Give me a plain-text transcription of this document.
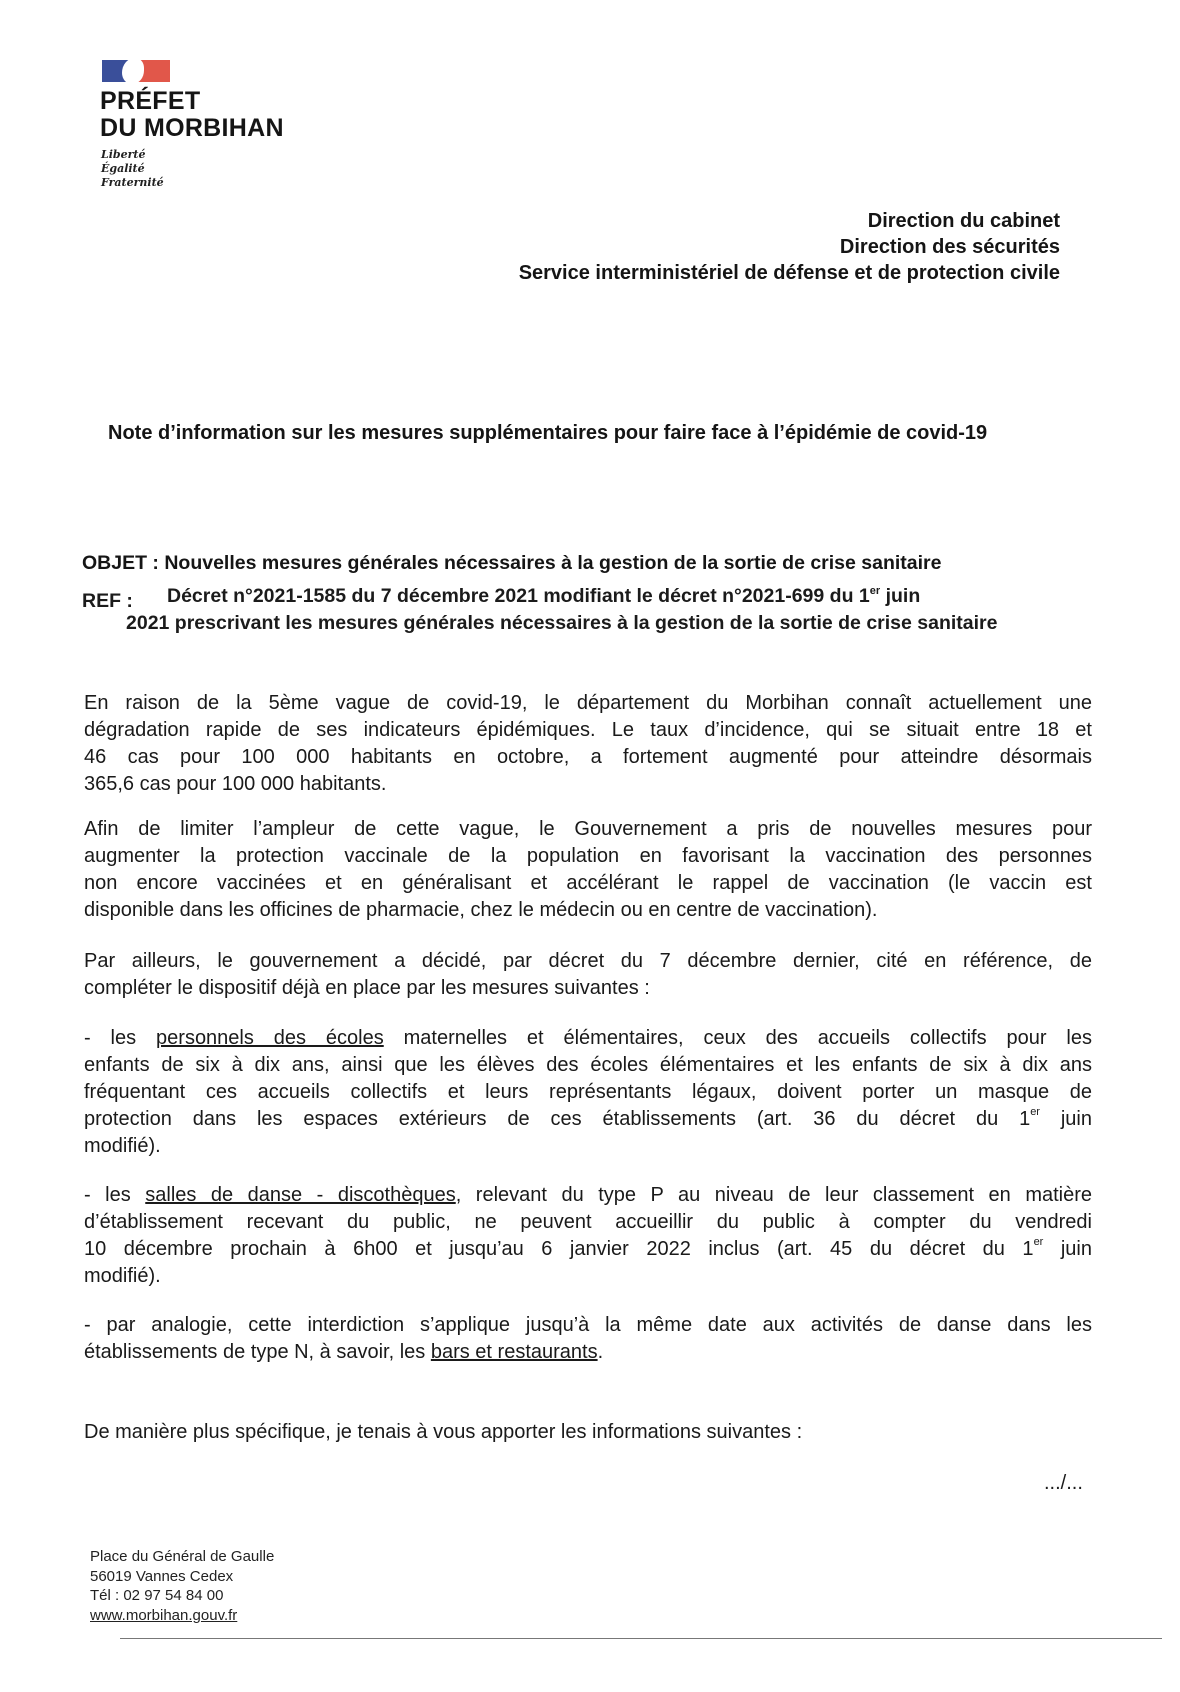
PRÉFET
DU MORBIHAN
Liberté
Égalité
Fraternité
Direction du cabinet
Direction des sécurités
Service interministériel de défense et de protection civile
Note d’information sur les mesures supplémentaires pour faire face à l’épidémie de covid-19
OBJET : Nouvelles mesures générales nécessaires à la gestion de la sortie de crise sanitaire
REF : Décret n°2021-1585 du 7 décembre 2021 modifiant le décret n°2021-699 du 1er juin
2021 prescrivant les mesures générales nécessaires à la gestion de la sortie de crise sanitaire
En raison de la 5ème vague de covid-19, le département du Morbihan connaît actuellement une
dégradation rapide de ses indicateurs épidémiques. Le taux d’incidence, qui se situait entre 18 et
46 cas pour 100 000 habitants en octobre, a fortement augmenté pour atteindre désormais
365,6 cas pour 100 000 habitants.
Afin de limiter l’ampleur de cette vague, le Gouvernement a pris de nouvelles mesures pour
augmenter la protection vaccinale de la population en favorisant la vaccination des personnes
non encore vaccinées et en généralisant et accélérant le rappel de vaccination (le vaccin est
disponible dans les officines de pharmacie, chez le médecin ou en centre de vaccination).
Par ailleurs, le gouvernement a décidé, par décret du 7 décembre dernier, cité en référence, de
compléter le dispositif déjà en place par les mesures suivantes :
- les personnels des écoles maternelles et élémentaires, ceux des accueils collectifs pour les
enfants de six à dix ans, ainsi que les élèves des écoles élémentaires et les enfants de six à dix ans
fréquentant ces accueils collectifs et leurs représentants légaux, doivent porter un masque de
protection dans les espaces extérieurs de ces établissements (art. 36 du décret du 1er juin
modifié).
- les salles de danse - discothèques, relevant du type P au niveau de leur classement en matière
d’établissement recevant du public, ne peuvent accueillir du public à compter du vendredi
10 décembre prochain à 6h00 et jusqu’au 6 janvier 2022 inclus (art. 45 du décret du 1er juin
modifié).
- par analogie, cette interdiction s’applique jusqu’à la même date aux activités de danse dans les
établissements de type N, à savoir, les bars et restaurants.
De manière plus spécifique, je tenais à vous apporter les informations suivantes :
.../...
Place du Général de Gaulle
56019 Vannes Cedex
Tél : 02 97 54 84 00
www.morbihan.gouv.fr
